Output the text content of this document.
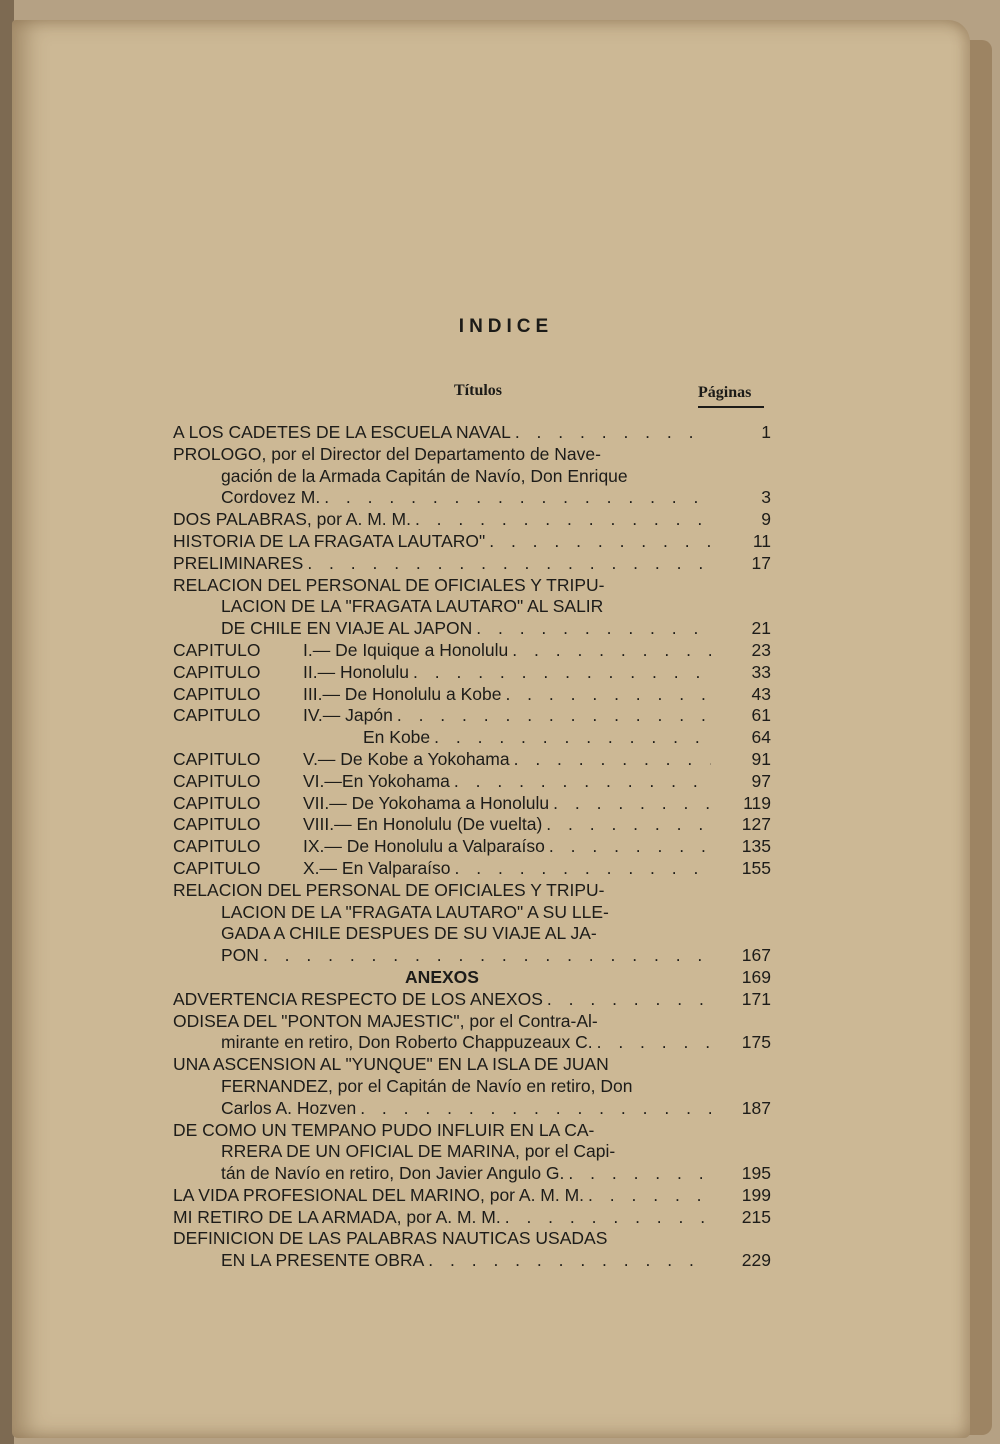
INDICE
Títulos	Páginas
A LOS CADETES DE LA ESCUELA NAVAL . . .	1
PROLOGO, por el Director del Departamento de Nave-
gación de la Armada Capitán de Navío, Don Enrique
Cordovez M. . . .	3
DOS PALABRAS, por A. M. M. . . .	9
HISTORIA DE LA FRAGATA LAUTARO" . . .	11
PRELIMINARES . . .	17
RELACION DEL PERSONAL DE OFICIALES Y TRIPU-
LACION DE LA "FRAGATA LAUTARO" AL SALIR
DE CHILE EN VIAJE AL JAPON . . .	21
CAPITULO	I.— De Iquique a Honolulu . . .	23
CAPITULO	II.— Honolulu . . .	33
CAPITULO	III.— De Honolulu a Kobe . . .	43
CAPITULO	IV.— Japón . . .	61
En Kobe . . .	64
CAPITULO	V.— De Kobe a Yokohama . . .	91
CAPITULO	VI.—En Yokohama . . .	97
CAPITULO	VII.— De Yokohama a Honolulu . . .	119
CAPITULO	VIII.— En Honolulu (De vuelta) . . .	127
CAPITULO	IX.— De Honolulu a Valparaíso . . .	135
CAPITULO	X.— En Valparaíso . . .	155
RELACION DEL PERSONAL DE OFICIALES Y TRIPU-
LACION DE LA "FRAGATA LAUTARO" A SU LLE-
GADA A CHILE DESPUES DE SU VIAJE AL JA-
PON . . .	167
ANEXOS	169
ADVERTENCIA RESPECTO DE LOS ANEXOS . . .	171
ODISEA DEL "PONTON MAJESTIC", por el Contra-Al-
mirante en retiro, Don Roberto Chappuzeaux C. . . .	175
UNA ASCENSION AL "YUNQUE" EN LA ISLA DE JUAN
FERNANDEZ, por el Capitán de Navío en retiro, Don
Carlos A. Hozven . . .	187
DE COMO UN TEMPANO PUDO INFLUIR EN LA CA-
RRERA DE UN OFICIAL DE MARINA, por el Capi-
tán de Navío en retiro, Don Javier Angulo G. . . .	195
LA VIDA PROFESIONAL DEL MARINO, por A. M. M. . . .	199
MI RETIRO DE LA ARMADA, por A. M. M. . . .	215
DEFINICION DE LAS PALABRAS NAUTICAS USADAS
EN LA PRESENTE OBRA . . .	229
